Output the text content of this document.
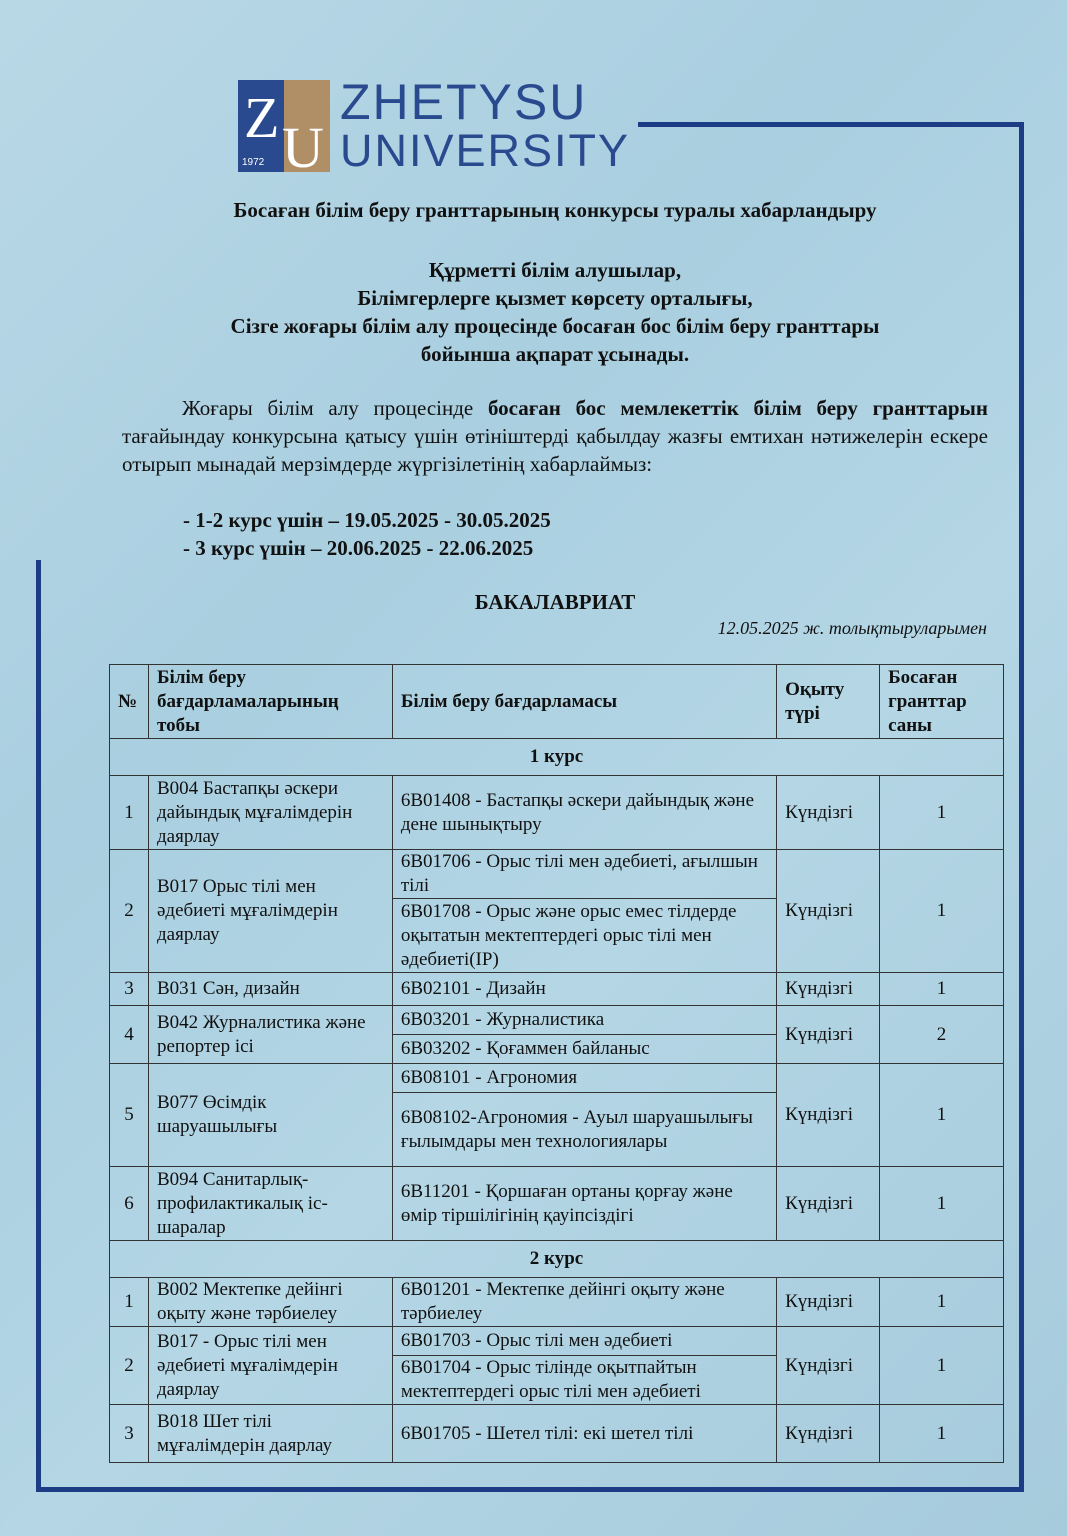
Z
1972 U
ZHETYSU
UNIVERSITY
Босаған білім беру гранттарының конкурсы туралы хабарландыру
Құрметті білім алушылар,
Білімгерлерге қызмет көрсету орталығы,
Сізге жоғары білім алу процесінде босаған бос білім беру гранттары
бойынша ақпарат ұсынады.
Жоғары білім алу процесінде босаған бос мемлекеттік білім беру гранттарын тағайындау конкурсына қатысу үшін өтініштерді қабылдау жазғы емтихан нәтижелерін ескере отырып мынадай мерзімдерде жүргізілетінің хабарлаймыз:
- 1-2 курс үшін – 19.05.2025 - 30.05.2025
- 3 курс үшін – 20.06.2025 - 22.06.2025
БАКАЛАВРИАТ
12.05.2025 ж. толықтыруларымен
№	Білім беру бағдарламаларының тобы	Білім беру бағдарламасы	Оқыту түрі	Босаған гранттар саны
1 курс				
1	В004 Бастапқы әскери дайындық мұғалімдерін даярлау	6B01408 - Бастапқы әскери дайындық және дене шынықтыру	Күндізгі	1
2	В017 Орыс тілі мен әдебиеті мұғалімдерін даярлау	6B01706 - Орыс тілі мен әдебиеті, ағылшын тілі	Күндізгі	1
		6B01708 - Орыс және орыс емес тілдерде оқытатын мектептердегі орыс тілі мен әдебиеті(IP)		
3	В031 Сән, дизайн	6B02101 - Дизайн	Күндізгі	1
4	В042 Журналистика және репортер ісі	6B03201 - Журналистика	Күндізгі	2
		6B03202 - Қоғаммен байланыс		
5	В077 Өсімдік шаруашылығы	6B08101 - Агрономия	Күндізгі	1
		6B08102-Агрономия - Ауыл шаруашылығы ғылымдары мен технологиялары		
6	В094 Санитарлық-профилактикалық іс-шаралар	6B11201 - Қоршаған ортаны қорғау және өмір тіршілігінің қауіпсіздігі	Күндізгі	1
2 курс				
1	В002 Мектепке дейінгі оқыту және тәрбиелеу	6B01201 - Мектепке дейінгі оқыту және тәрбиелеу	Күндізгі	1
2	В017 - Орыс тілі мен әдебиеті мұғалімдерін даярлау	6B01703 - Орыс тілі мен әдебиеті	Күндізгі	1
		6B01704 - Орыс тілінде оқытпайтын мектептердегі орыс тілі мен әдебиеті		
3	В018 Шет тілі мұғалімдерін даярлау	6B01705 - Шетел тілі: екі шетел тілі	Күндізгі	1
